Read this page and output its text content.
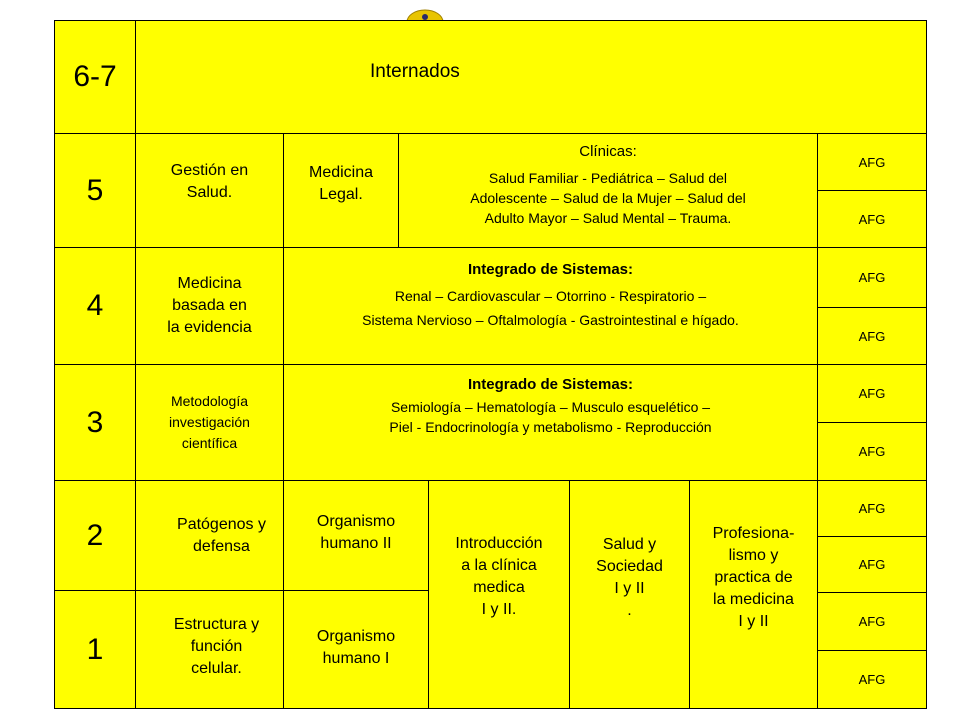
6-7
5
4
3
2
1
Internados
Gestión en
Salud.
Medicina
Legal.
Clínicas:
Salud Familiar - Pediátrica – Salud del
Adolescente – Salud de la Mujer – Salud del
Adulto Mayor – Salud Mental – Trauma.
Medicina
basada en
la evidencia
Integrado de Sistemas:
Renal – Cardiovascular – Otorrino - Respiratorio –
Sistema Nervioso – Oftalmología - Gastrointestinal e hígado.
Metodología
investigación
científica
Integrado de Sistemas:
Semiología – Hematología – Musculo esquelético –
Piel - Endocrinología y metabolismo - Reproducción
Patógenos y
defensa
Organismo
humano II
Estructura y
función
celular.
Organismo
humano I
Introducción
a la clínica
medica
I y II.
Salud y
Sociedad
I y II
.
Profesiona-
lismo y
practica de
la medicina
I y II
AFG
AFG
AFG
AFG
AFG
AFG
AFG
AFG
AFG
AFG
